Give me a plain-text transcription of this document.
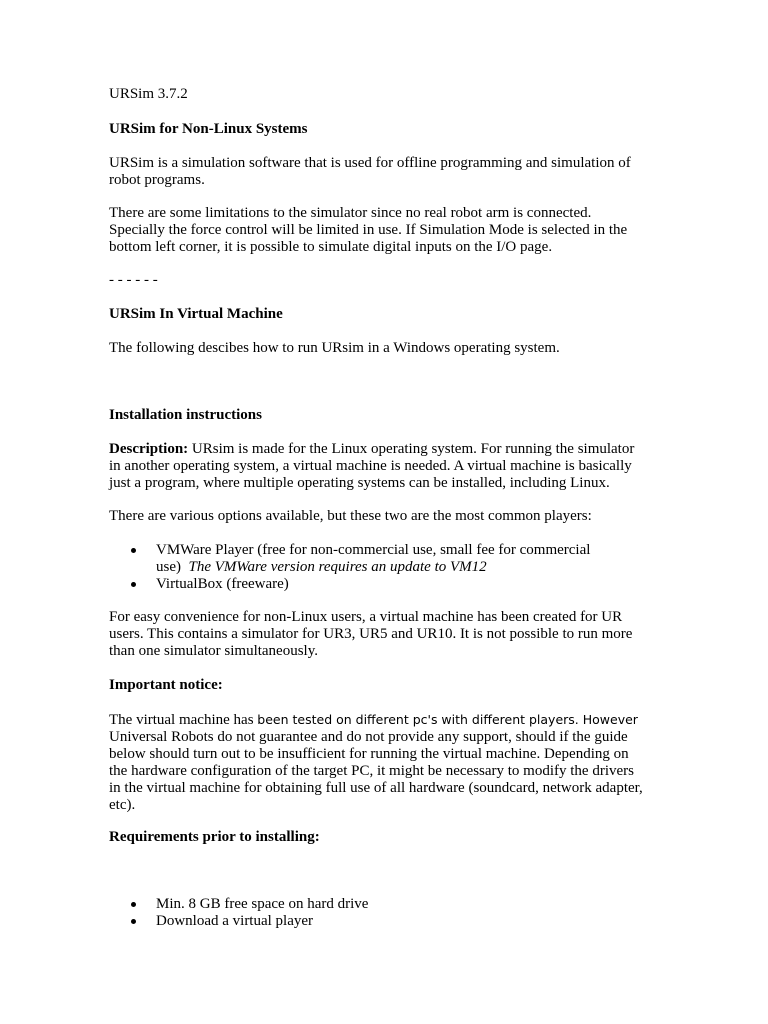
URSim 3.7.2

URSim for Non-Linux Systems

URSim is a simulation software that is used for offline programming and simulation of
robot programs.
There are some limitations to the simulator since no real robot arm is connected.
Specially the force control will be limited in use. If Simulation Mode is selected in the
bottom left corner, it is possible to simulate digital inputs on the I/O page.

- - - - - -

URSim In Virtual Machine

The following descibes how to run URsim in a Windows operating system.

Installation instructions

Description: URsim is made for the Linux operating system. For running the simulator
in another operating system, a virtual machine is needed. A virtual machine is basically
just a program, where multiple operating systems can be installed, including Linux.

There are various options available, but these two are the most common players:

VMWare Player (free for non-commercial use, small fee for commercial
use)  The VMWare version requires an update to VM12
VirtualBox (freeware)
For easy convenience for non-Linux users, a virtual machine has been created for UR
users. This contains a simulator for UR3, UR5 and UR10. It is not possible to run more
than one simulator simultaneously.

Important notice:

The virtual machine has been tested on different pc's with different players. However
Universal Robots do not guarantee and do not provide any support, should if the guide
below should turn out to be insufficient for running the virtual machine. Depending on
the hardware configuration of the target PC, it might be necessary to modify the drivers
in the virtual machine for obtaining full use of all hardware (soundcard, network adapter,
etc).

Requirements prior to installing:

Min. 8 GB free space on hard drive
Download a virtual player
